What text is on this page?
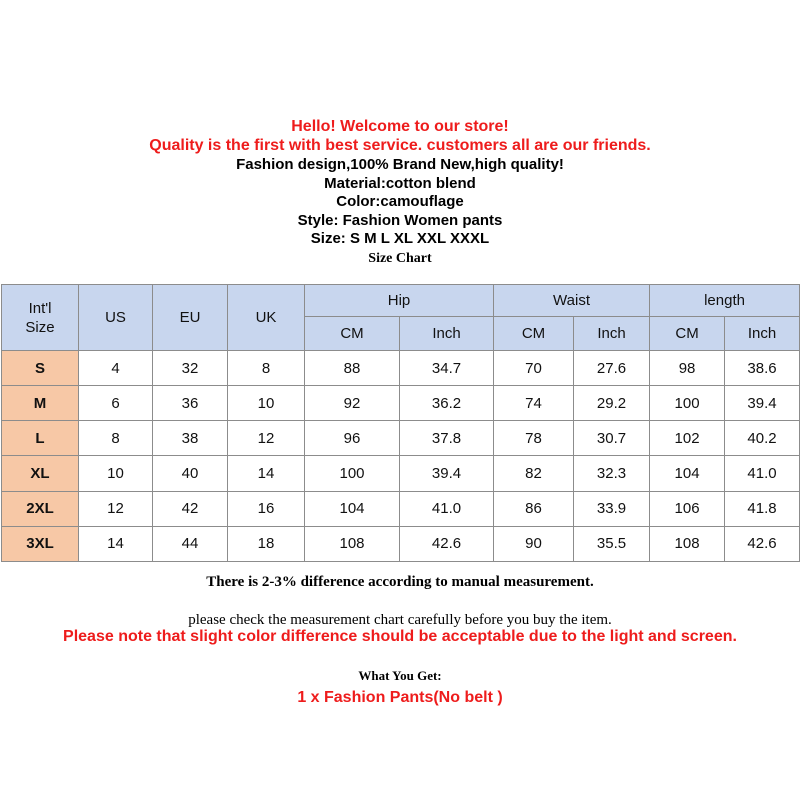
Hello! Welcome to our store!
Quality is the first with best service. customers all are our friends.
Fashion design,100% Brand New,high quality!
Material:cotton blend
Color:camouflage
Style: Fashion Women pants
Size: S M L XL XXL XXXL
Size Chart
Int'l
Size	US	EU	UK	Hip		Waist		length	
				CM	Inch	CM	Inch	CM	Inch
S	4	32	8	88	34.7	70	27.6	98	38.6
M	6	36	10	92	36.2	74	29.2	100	39.4
L	8	38	12	96	37.8	78	30.7	102	40.2
XL	10	40	14	100	39.4	82	32.3	104	41.0
2XL	12	42	16	104	41.0	86	33.9	106	41.8
3XL	14	44	18	108	42.6	90	35.5	108	42.6
There is 2-3% difference according to manual measurement.
please check the measurement chart carefully before you buy the item.
Please note that slight color difference should be acceptable due to the light and screen.
What You Get:
1 x Fashion Pants(No belt )
